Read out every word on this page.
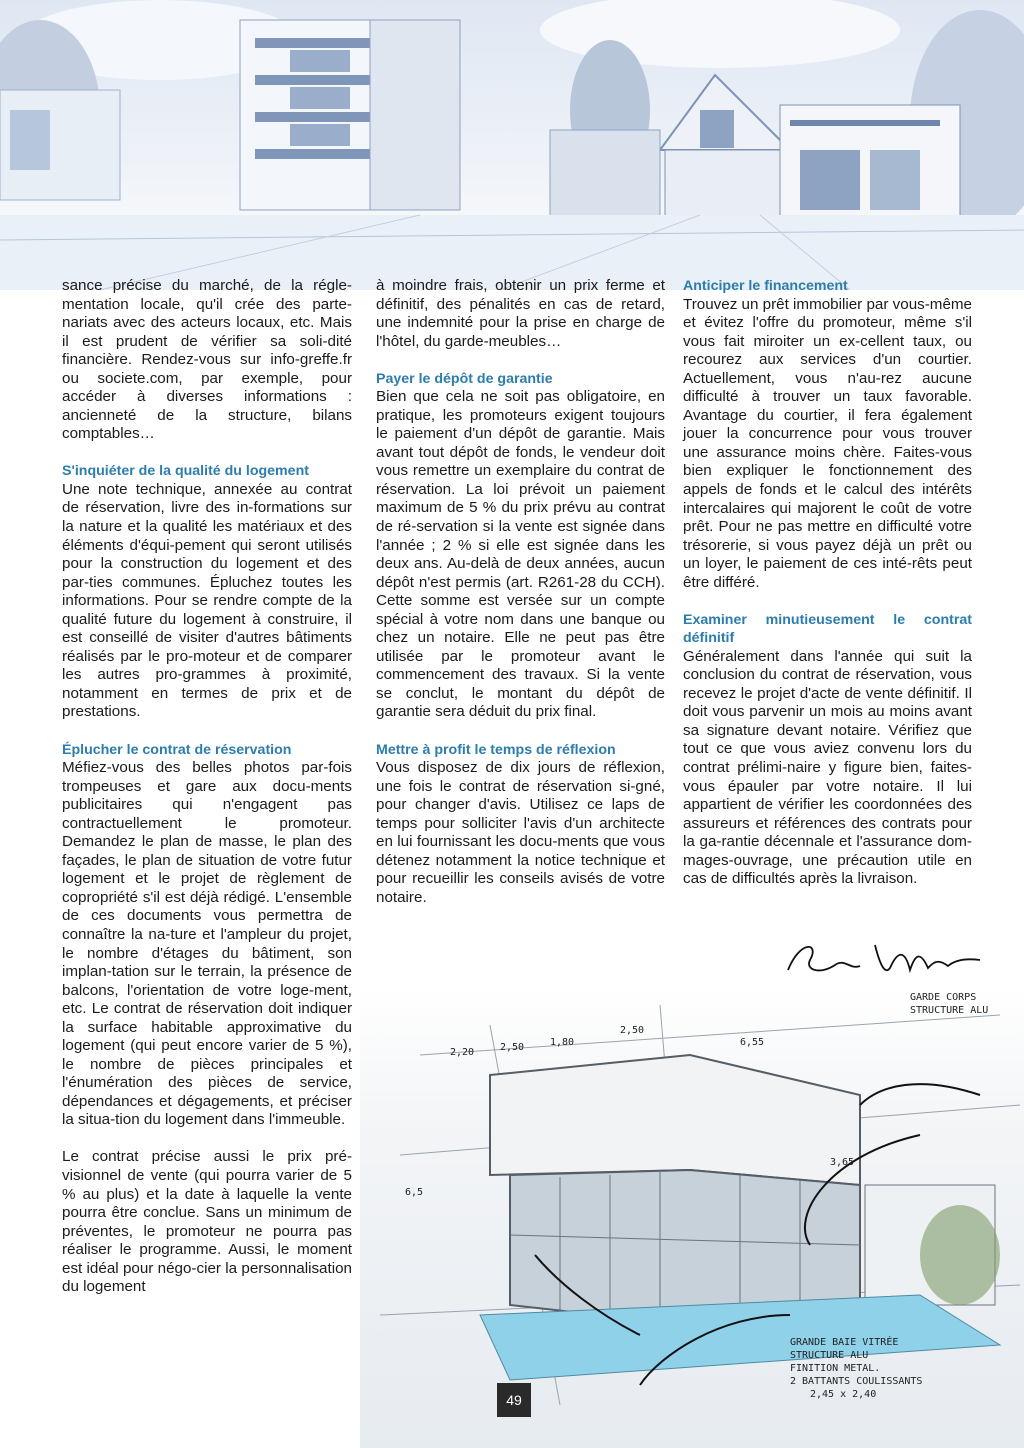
GARDE CORPS
STRUCTURE ALU
GRANDE BAIE VITRÉE
STRUCTURE ALU
FINITION METAL.
2 BATTANTS COULISSANTS
2,45 x 2,40
6,55
2,20	2,50	1,80
2,50
3,65
6,5

sance précise du marché, de la régle-mentation locale, qu'il crée des parte-nariats avec des acteurs locaux, etc. Mais il est prudent de vérifier sa soli-dité financière. Rendez-vous sur info-greffe.fr ou societe.com, par exemple, pour accéder à diverses informations : ancienneté de la structure, bilans comptables…

S'inquiéter de la qualité du logement

Une note technique, annexée au contrat de réservation, livre des in-formations sur la nature et la qualité les matériaux et des éléments d'équi-pement qui seront utilisés pour la construction du logement et des par-ties communes. Épluchez toutes les informations. Pour se rendre compte de la qualité future du logement à construire, il est conseillé de visiter d'autres bâtiments réalisés par le pro-moteur et de comparer les autres pro-grammes à proximité, notamment en termes de prix et de prestations.

Éplucher le contrat de réservation

Méfiez-vous des belles photos par-fois trompeuses et gare aux docu-ments publicitaires qui n'engagent pas contractuellement le promoteur. Demandez le plan de masse, le plan des façades, le plan de situation de votre futur logement et le projet de règlement de copropriété s'il est déjà rédigé. L'ensemble de ces documents vous permettra de connaître la na-ture et l'ampleur du projet, le nombre d'étages du bâtiment, son implan-tation sur le terrain, la présence de balcons, l'orientation de votre loge-ment, etc. Le contrat de réservation doit indiquer la surface habitable approximative du logement (qui peut encore varier de 5 %), le nombre de pièces principales et l'énumération des pièces de service, dépendances et dégagements, et préciser la situa-tion du logement dans l'immeuble.

Le contrat précise aussi le prix pré-visionnel de vente (qui pourra varier de 5 % au plus) et la date à laquelle la vente pourra être conclue. Sans un minimum de préventes, le promoteur ne pourra pas réaliser le programme. Aussi, le moment est idéal pour négo-cier la personnalisation du logement

à moindre frais, obtenir un prix ferme et définitif, des pénalités en cas de retard, une indemnité pour la prise en charge de l'hôtel, du garde-meubles…

Payer le dépôt de garantie

Bien que cela ne soit pas obligatoire, en pratique, les promoteurs exigent toujours le paiement d'un dépôt de garantie. Mais avant tout dépôt de fonds, le vendeur doit vous remettre un exemplaire du contrat de réservation. La loi prévoit un paiement maximum de 5 % du prix prévu au contrat de ré-servation si la vente est signée dans l'année ; 2 % si elle est signée dans les deux ans. Au-delà de deux années, aucun dépôt n'est permis (art. R261-28 du CCH). Cette somme est versée sur un compte spécial à votre nom dans une banque ou chez un notaire. Elle ne peut pas être utilisée par le promoteur avant le commencement des travaux. Si la vente se conclut, le montant du dépôt de garantie sera déduit du prix final.

Mettre à profit le temps de réflexion

Vous disposez de dix jours de réflexion, une fois le contrat de réservation si-gné, pour changer d'avis. Utilisez ce laps de temps pour solliciter l'avis d'un architecte en lui fournissant les docu-ments que vous détenez notamment la notice technique et pour recueillir les conseils avisés de votre notaire.

Anticiper le financement

Trouvez un prêt immobilier par vous-même et évitez l'offre du promoteur, même s'il vous fait miroiter un ex-cellent taux, ou recourez aux services d'un courtier. Actuellement, vous n'au-rez aucune difficulté à trouver un taux favorable. Avantage du courtier, il fera également jouer la concurrence pour vous trouver une assurance moins chère. Faites-vous bien expliquer le fonctionnement des appels de fonds et le calcul des intérêts intercalaires qui majorent le coût de votre prêt. Pour ne pas mettre en difficulté votre trésorerie, si vous payez déjà un prêt ou un loyer, le paiement de ces inté-rêts peut être différé.

Examiner minutieusement le contrat définitif

Généralement dans l'année qui suit la conclusion du contrat de réservation, vous recevez le projet d'acte de vente définitif. Il doit vous parvenir un mois au moins avant sa signature devant notaire. Vérifiez que tout ce que vous aviez convenu lors du contrat prélimi-naire y figure bien, faites-vous épauler par votre notaire. Il lui appartient de vérifier les coordonnées des assureurs et références des contrats pour la ga-rantie décennale et l'assurance dom-mages-ouvrage, une précaution utile en cas de difficultés après la livraison.

49
